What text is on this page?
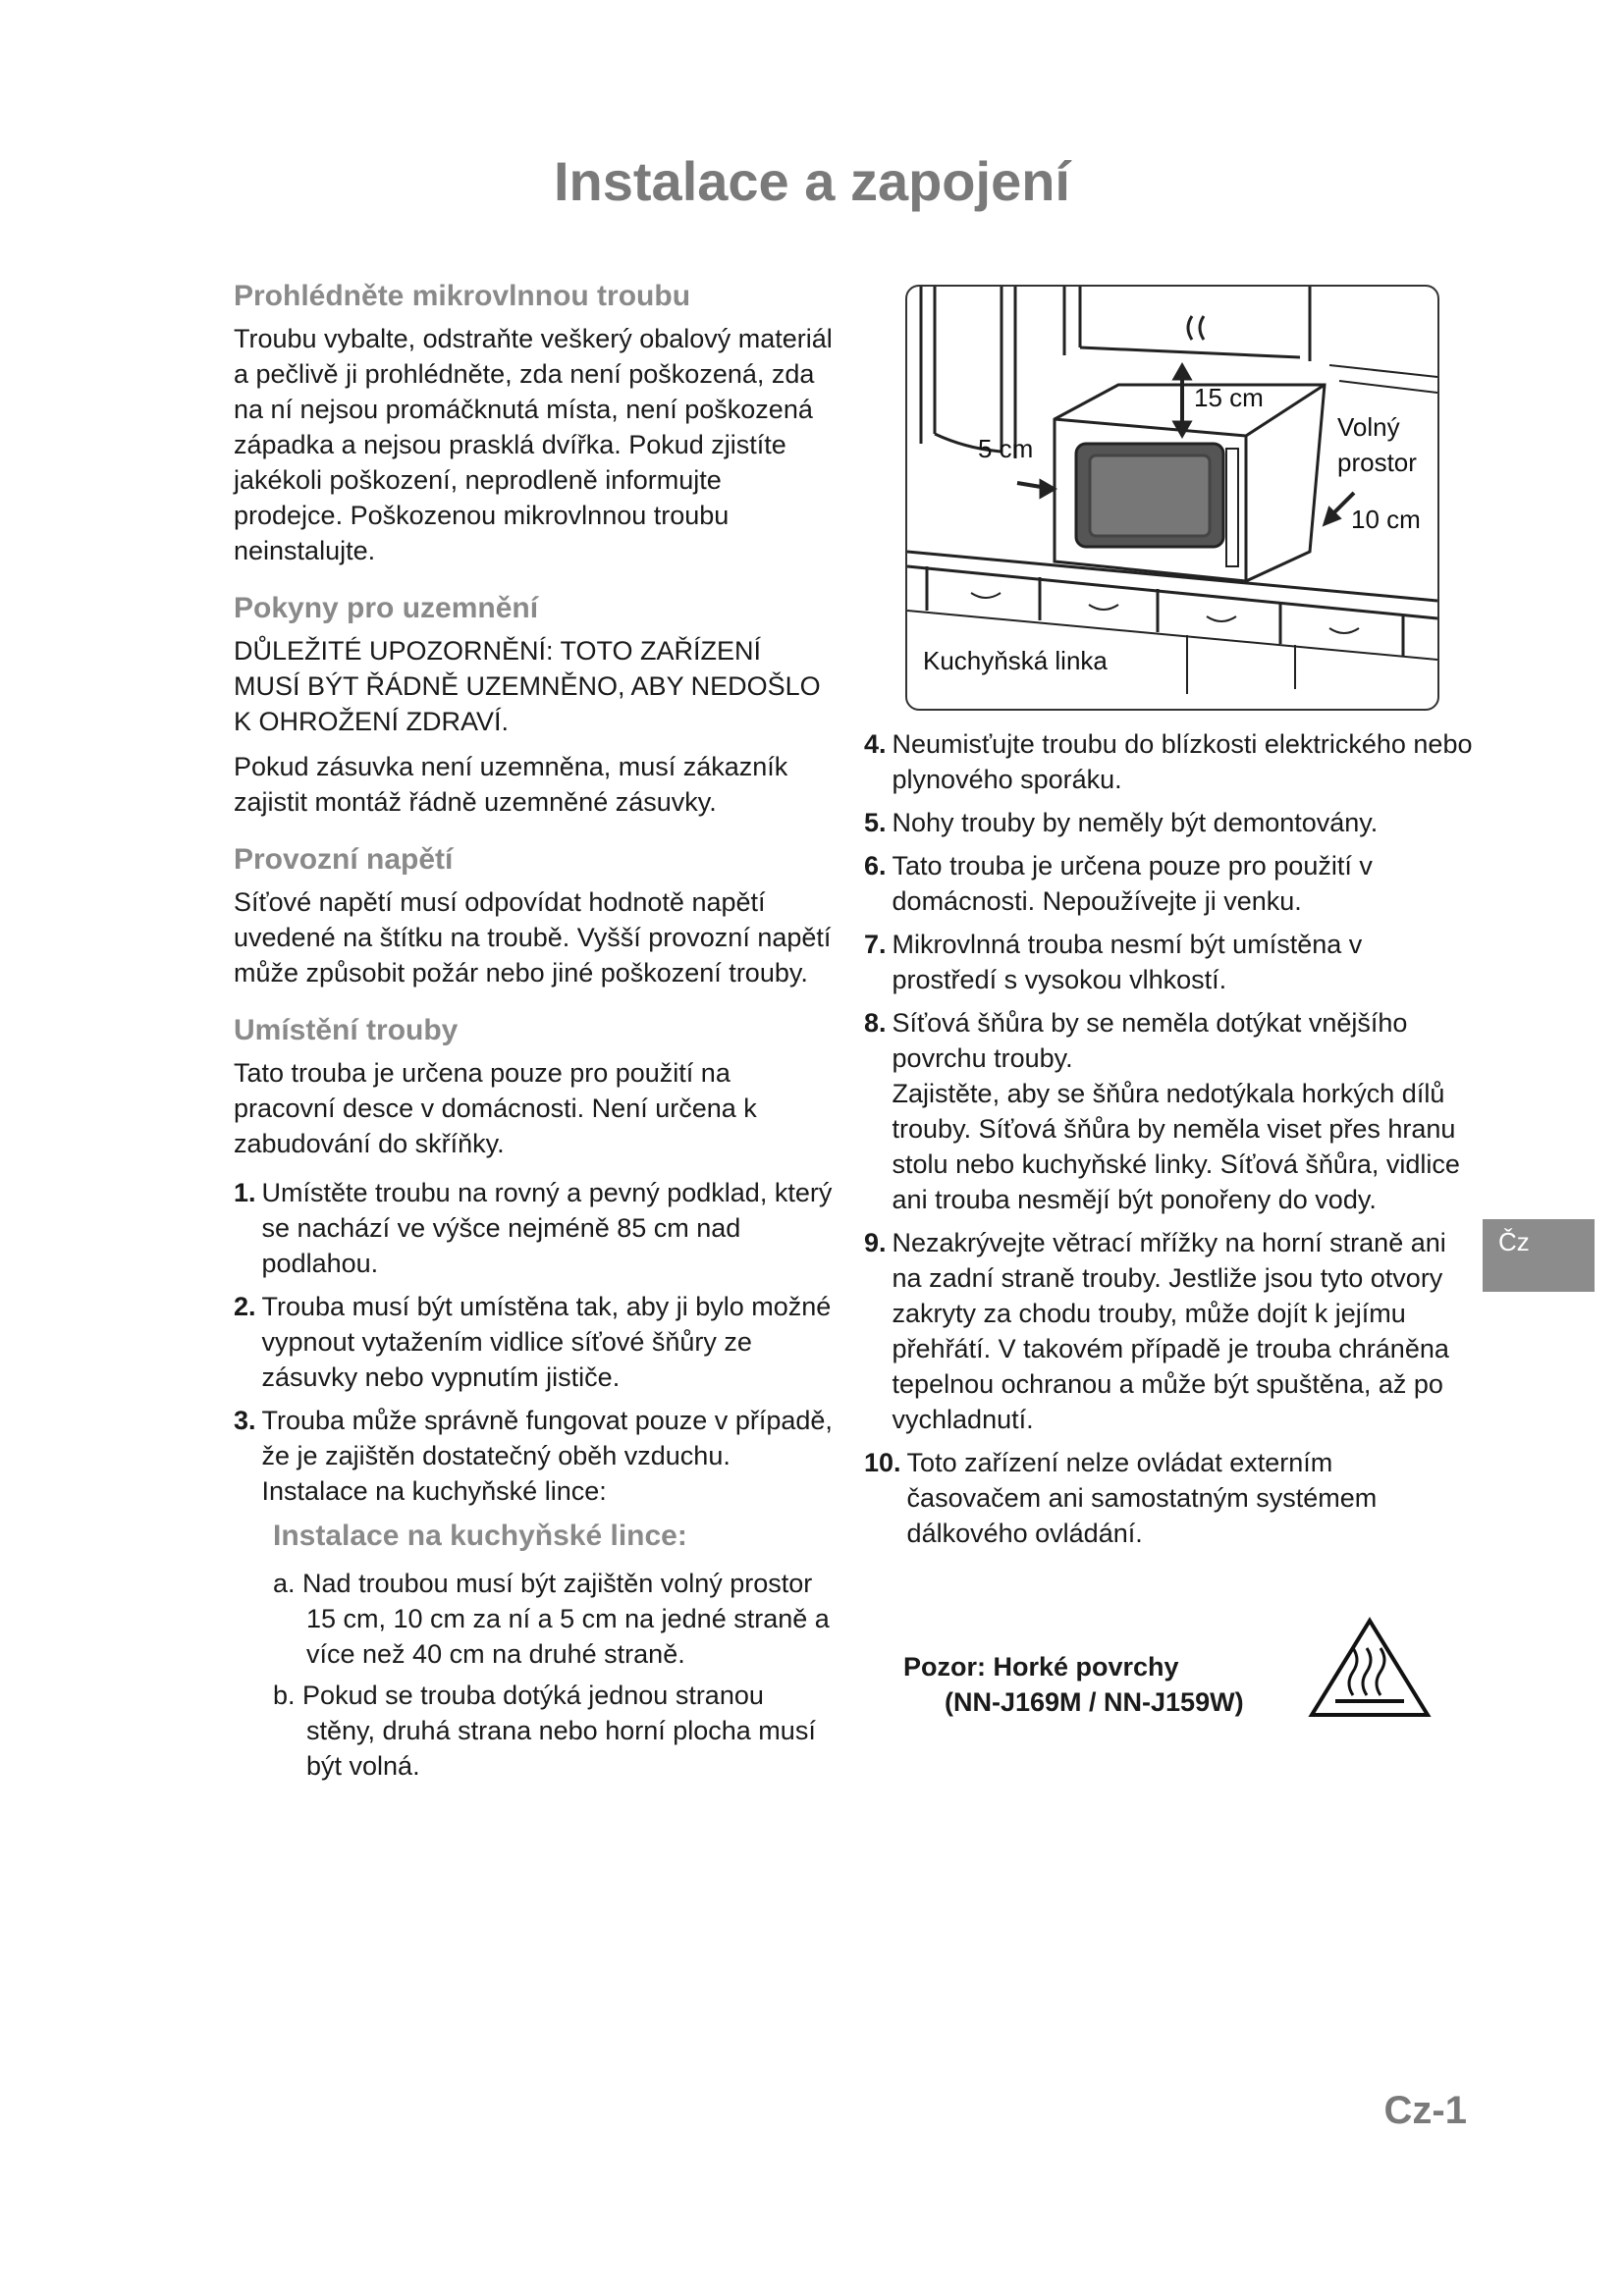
Instalace a zapojení
Prohlédněte mikrovlnnou troubu

Troubu vybalte, odstraňte veškerý obalový materiál a pečlivě ji prohlédněte, zda není poškozená, zda na ní nejsou promáčknutá místa, není poškozená západka a nejsou prasklá dvířka. Pokud zjistíte jakékoli poškození, neprodleně informujte prodejce. Poškozenou mikrovlnnou troubu neinstalujte.

Pokyny pro uzemnění

DŮLEŽITÉ UPOZORNĚNÍ: TOTO ZAŘÍZENÍ MUSÍ BÝT ŘÁDNĚ UZEMNĚNO, ABY NEDOŠLO K OHROŽENÍ ZDRAVÍ.

Pokud zásuvka není uzemněna, musí zákazník zajistit montáž řádně uzemněné zásuvky.

Provozní napětí

Síťové napětí musí odpovídat hodnotě napětí uvedené na štítku na troubě. Vyšší provozní napětí může způsobit požár nebo jiné poškození trouby.

Umístění trouby

Tato trouba je určena pouze pro použití na pracovní desce v domácnosti. Není určena k zabudování do skříňky.

1. Umístěte troubu na rovný a pevný podklad, který se nachází ve výšce nejméně 85 cm nad podlahou.
2. Trouba musí být umístěna tak, aby ji bylo možné vypnout vytažením vidlice síťové šňůry ze zásuvky nebo vypnutím jističe.
3. Trouba může správně fungovat pouze v případě, že je zajištěn dostatečný oběh vzduchu. Instalace na kuchyňské lince:
Instalace na kuchyňské lince:
a. Nad troubou musí být zajištěn volný prostor 15 cm, 10 cm za ní a 5 cm na jedné straně a více než 40 cm na druhé straně.
b. Pokud se trouba dotýká jednou stranou stěny, druhá strana nebo horní plocha musí být volná.
15 cm
5 cm
Volný
prostor
10 cm
Kuchyňská linka
4. Neumisťujte troubu do blízkosti elektrického nebo plynového sporáku.
5. Nohy trouby by neměly být demontovány.
6. Tato trouba je určena pouze pro použití v domácnosti. Nepoužívejte ji venku.
7. Mikrovlnná trouba nesmí být umístěna v prostředí s vysokou vlhkostí.
8. Síťová šňůra by se neměla dotýkat vnějšího povrchu trouby.
Zajistěte, aby se šňůra nedotýkala horkých dílů trouby. Síťová šňůra by neměla viset přes hranu stolu nebo kuchyňské linky. Síťová šňůra, vidlice ani trouba nesmějí být ponořeny do vody.
9. Nezakrývejte větrací mřížky na horní straně ani na zadní straně trouby. Jestliže jsou tyto otvory zakryty za chodu trouby, může dojít k jejímu přehřátí. V takovém případě je trouba chráněna tepelnou ochranou a může být spuštěna, až po vychladnutí.
10. Toto zařízení nelze ovládat externím časovačem ani samostatným systémem dálkového ovládání.
Pozor: Horké povrchy
(NN-J169M / NN-J159W)
Čz
Cz-1
